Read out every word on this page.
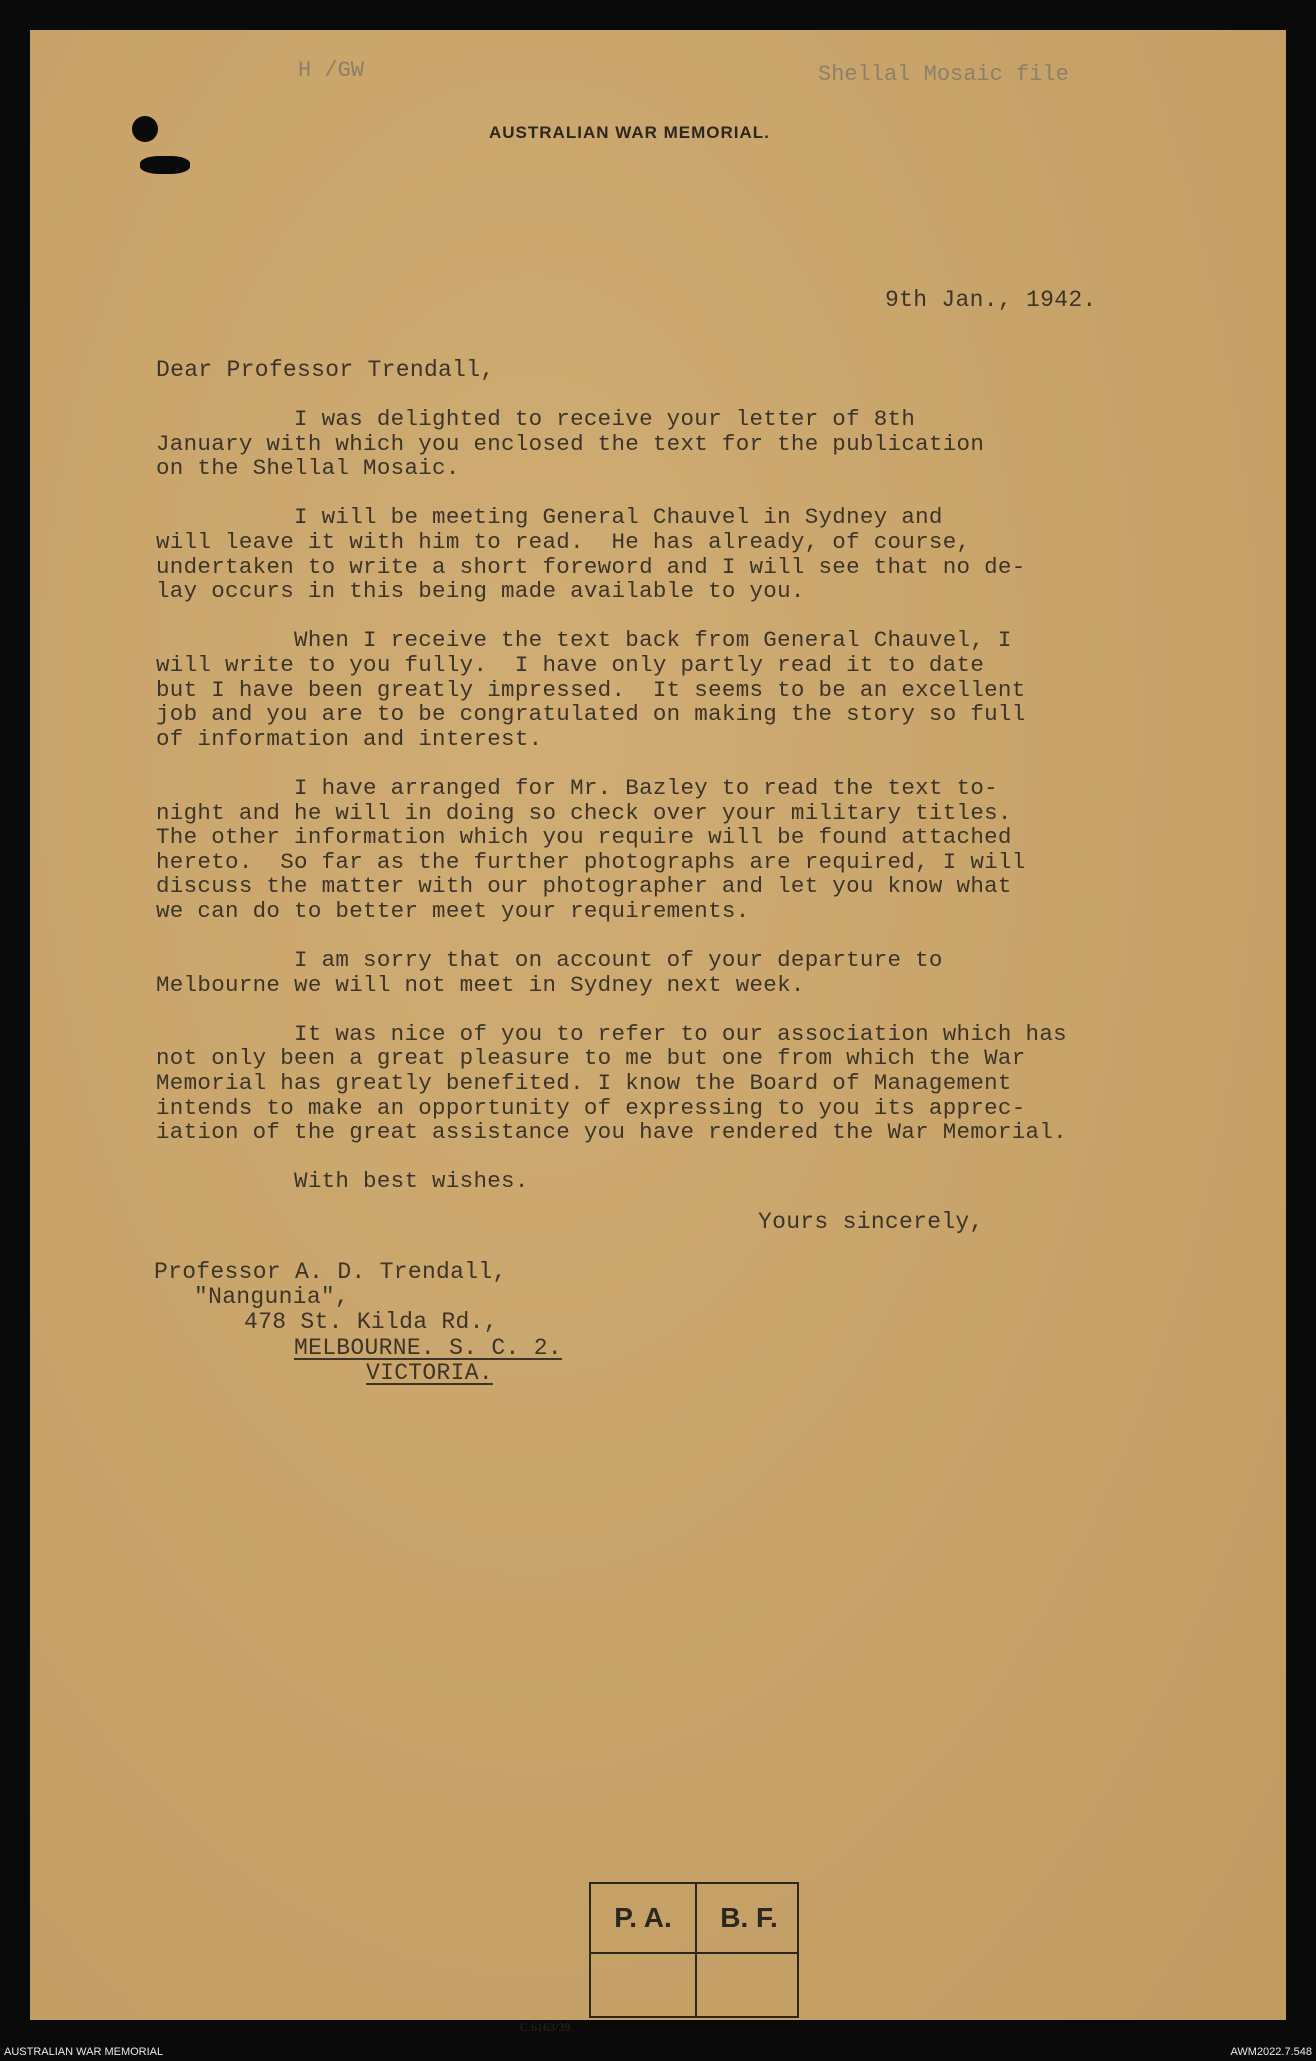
H /GW	Shellal Mosaic file
AUSTRALIAN WAR MEMORIAL.
9th Jan., 1942.
Dear Professor Trendall,
I was delighted to receive your letter of 8th
January with which you enclosed the text for the publication
on the Shellal Mosaic.
I will be meeting General Chauvel in Sydney and
will leave it with him to read.  He has already, of course,
undertaken to write a short foreword and I will see that no de-
lay occurs in this being made available to you.
When I receive the text back from General Chauvel, I
will write to you fully.  I have only partly read it to date
but I have been greatly impressed.  It seems to be an excellent
job and you are to be congratulated on making the story so full
of information and interest.
I have arranged for Mr. Bazley to read the text to-
night and he will in doing so check over your military titles.
The other information which you require will be found attached
hereto.  So far as the further photographs are required, I will
discuss the matter with our photographer and let you know what
we can do to better meet your requirements.
I am sorry that on account of your departure to
Melbourne we will not meet in Sydney next week.
It was nice of you to refer to our association which has
not only been a great pleasure to me but one from which the War
Memorial has greatly benefited. I know the Board of Management
intends to make an opportunity of expressing to you its apprec-
iation of the great assistance you have rendered the War Memorial.
With best wishes.
Yours sincerely,
Professor A. D. Trendall,
"Nangunia",
478 St. Kilda Rd.,
MELBOURNE. S. C. 2.
VICTORIA.
P. A.	B. F.
C.6163/39.
AUSTRALIAN WAR MEMORIAL	AWM2022.7.548
